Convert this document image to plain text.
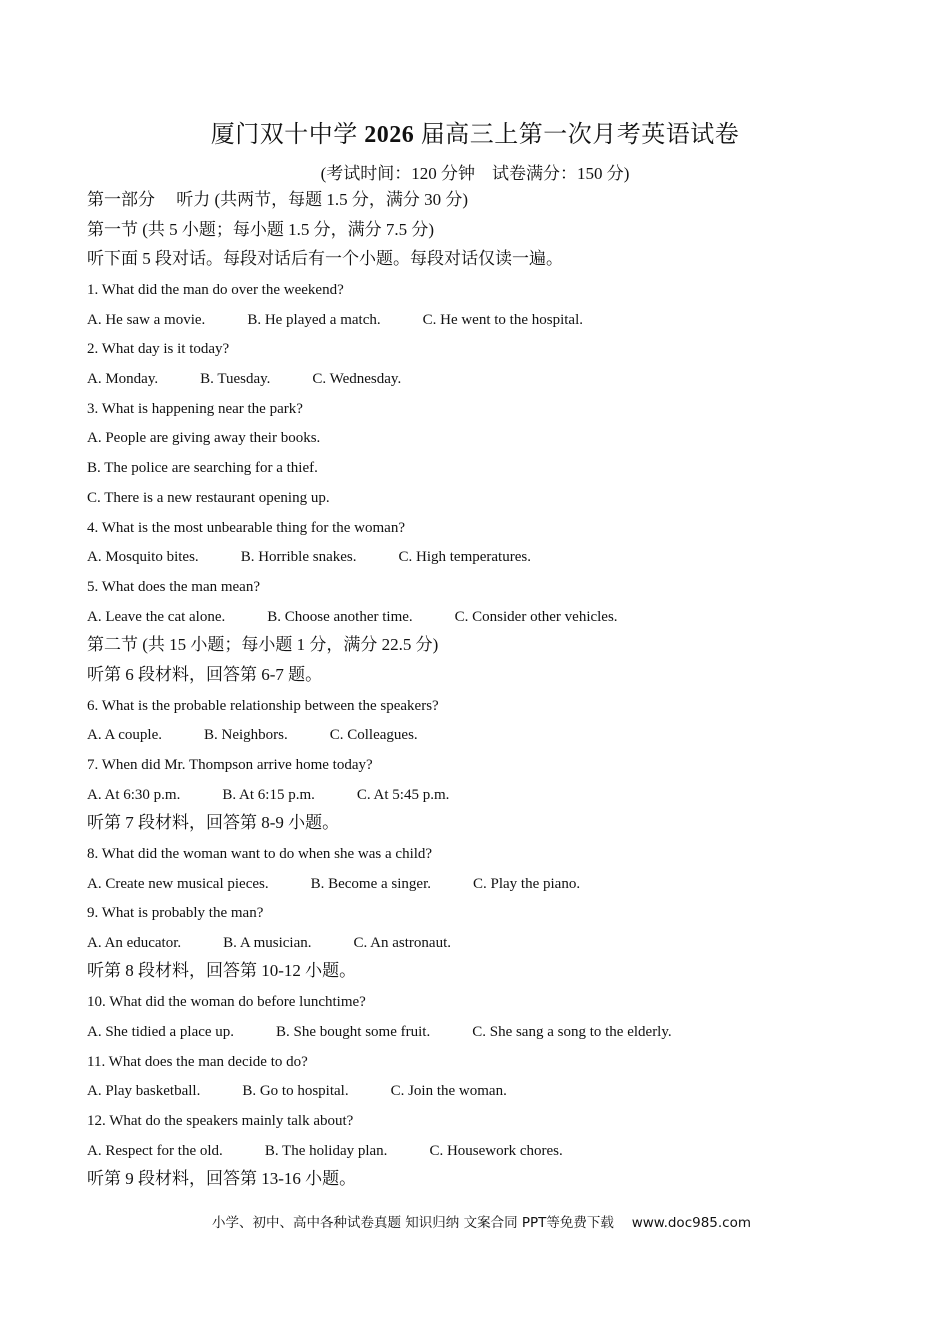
厦门双十中学 2026 届高三上第一次月考英语试卷
(考试时间：120 分钟　试卷满分：150 分)
第一部分　 听力 (共两节，每题 1.5 分，满分 30 分)
第一节 (共 5 小题；每小题 1.5 分，满分 7.5 分)
听下面 5 段对话。每段对话后有一个小题。每段对话仅读一遍。
1. What did the man do over the weekend?
A. He saw a movie.	B. He played a match.	C. He went to the hospital.
2. What day is it today?
A. Monday.	B. Tuesday.	C. Wednesday.
3. What is happening near the park?
A. People are giving away their books.
B. The police are searching for a thief.
C. There is a new restaurant opening up.
4. What is the most unbearable thing for the woman?
A. Mosquito bites.	B. Horrible snakes.	C. High temperatures.
5. What does the man mean?
A. Leave the cat alone.	B. Choose another time.	C. Consider other vehicles.
第二节 (共 15 小题；每小题 1 分，满分 22.5 分)
听第 6 段材料，回答第 6-7 题。
6. What is the probable relationship between the speakers?
A. A couple.	B. Neighbors.	C. Colleagues.
7. When did Mr. Thompson arrive home today?
A. At 6:30 p.m.	B. At 6:15 p.m.	C. At 5:45 p.m.
听第 7 段材料，回答第 8-9 小题。
8. What did the woman want to do when she was a child?
A. Create new musical pieces.	B. Become a singer.	C. Play the piano.
9. What is probably the man?
A. An educator.	B. A musician.	C. An astronaut.
听第 8 段材料，回答第 10-12 小题。
10. What did the woman do before lunchtime?
A. She tidied a place up.	B. She bought some fruit.	C. She sang a song to the elderly.
11. What does the man decide to do?
A. Play basketball.	B. Go to hospital.	C. Join the woman.
12. What do the speakers mainly talk about?
A. Respect for the old.	B. The holiday plan.	C. Housework chores.
听第 9 段材料，回答第 13-16 小题。
小学、初中、高中各种试卷真题 知识归纳 文案合同 PPT等免费下载　 www.doc985.com
